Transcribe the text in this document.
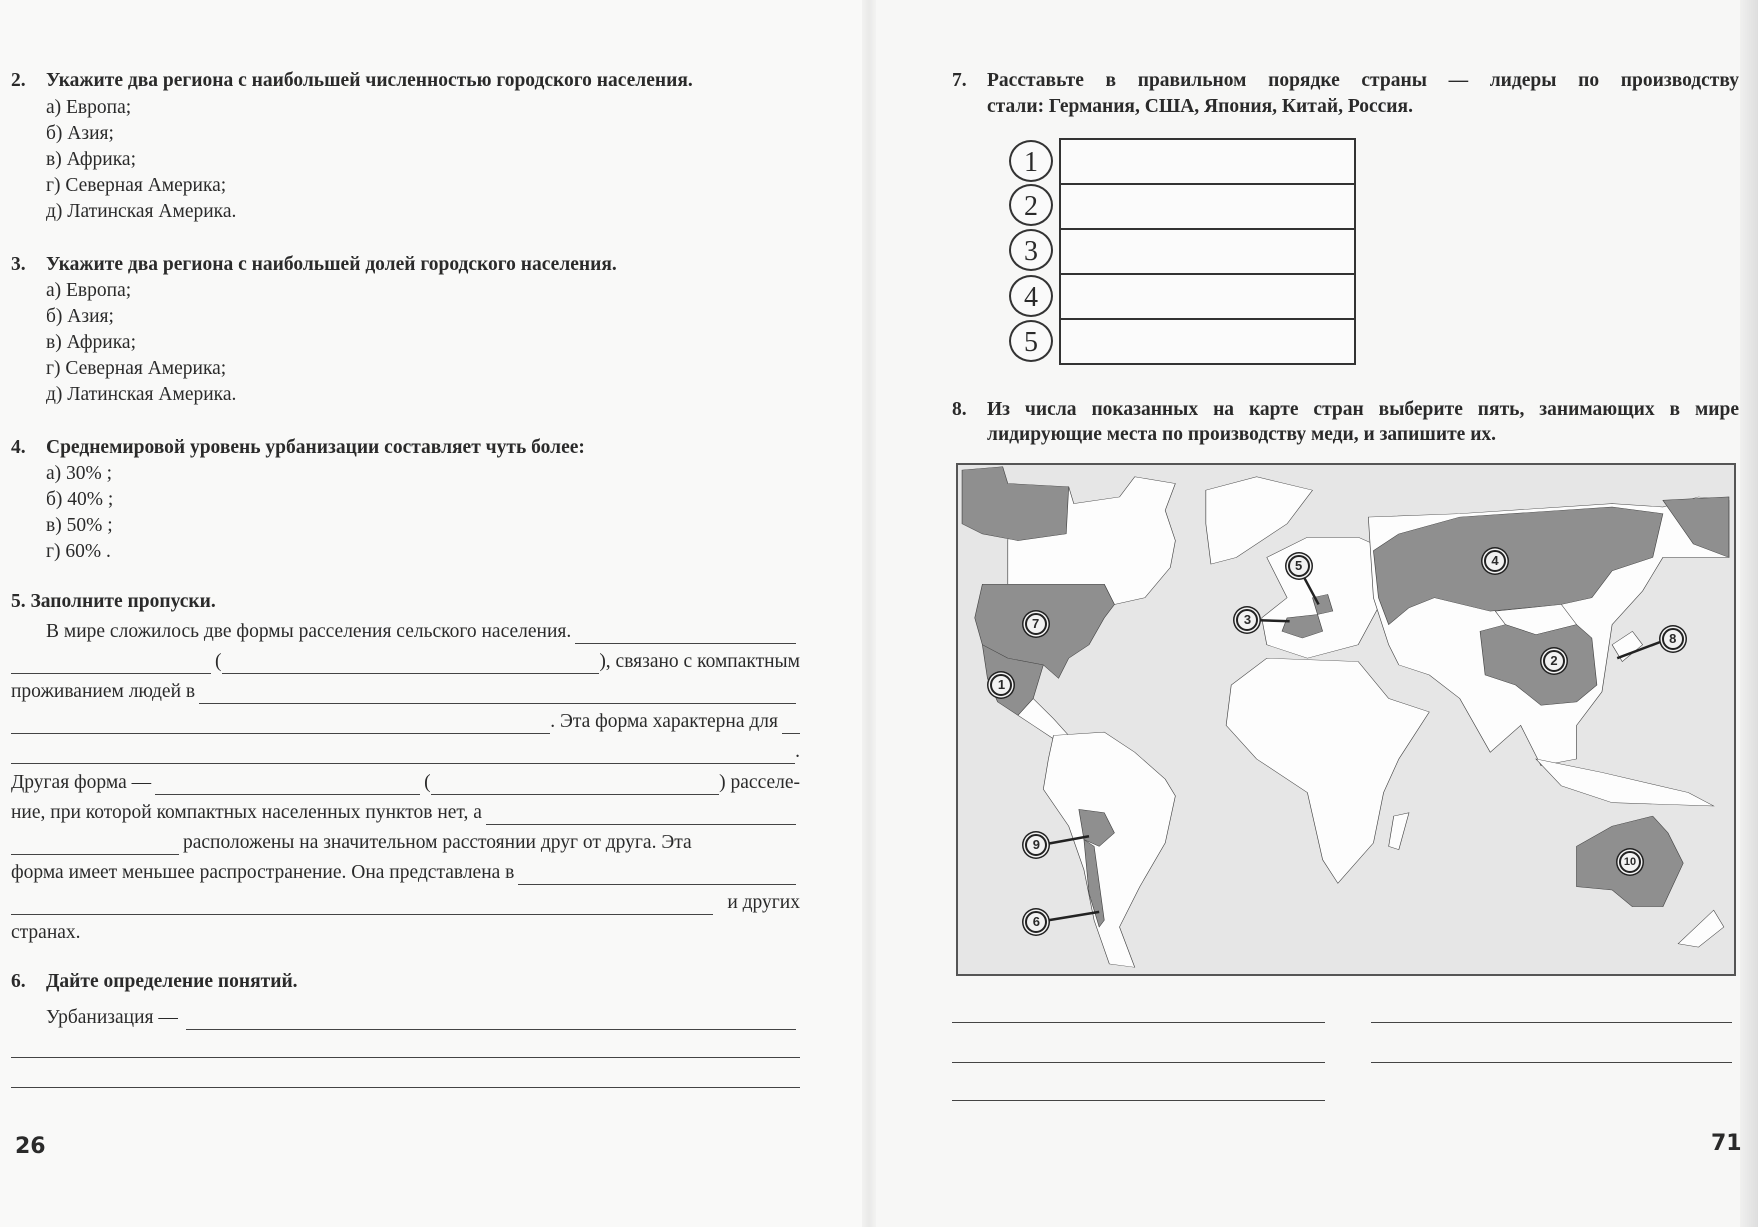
2. Укажите два региона с наибольшей численностью городского населения.
а) Европа;
б) Азия;
в) Африка;
г) Северная Америка;
д) Латинская Америка.
3. Укажите два региона с наибольшей долей городского населения.
а) Европа;
б) Азия;
в) Африка;
г) Северная Америка;
д) Латинская Америка.
4. Среднемировой уровень урбанизации составляет чуть более:
а) 30% ;
б) 40% ;
в) 50% ;
г) 60% .
5. Заполните пропуски.
В мире сложилось две формы расселения сельского населения.
(	), связано с компактным
проживанием людей в
. Эта форма характерна для
.
Другая форма —	(	) расселе-
ние, при которой компактных населенных пунктов нет, а
расположены на значительном расстоянии друг от друга. Эта
форма имеет меньшее распространение. Она представлена в
и других
странах.
6. Дайте определение понятий.
Урбанизация —
26
7. Расставьте в правильном порядке страны — лидеры по производству
стали: Германия, США, Япония, Китай, Россия.
1
2
3
4
5
8. Из числа показанных на карте стран выберите пять, занимающих в мире
лидирующие места по производству меди, и запишите их.
1
2
3
4
5
6
7
8
9
10
71
